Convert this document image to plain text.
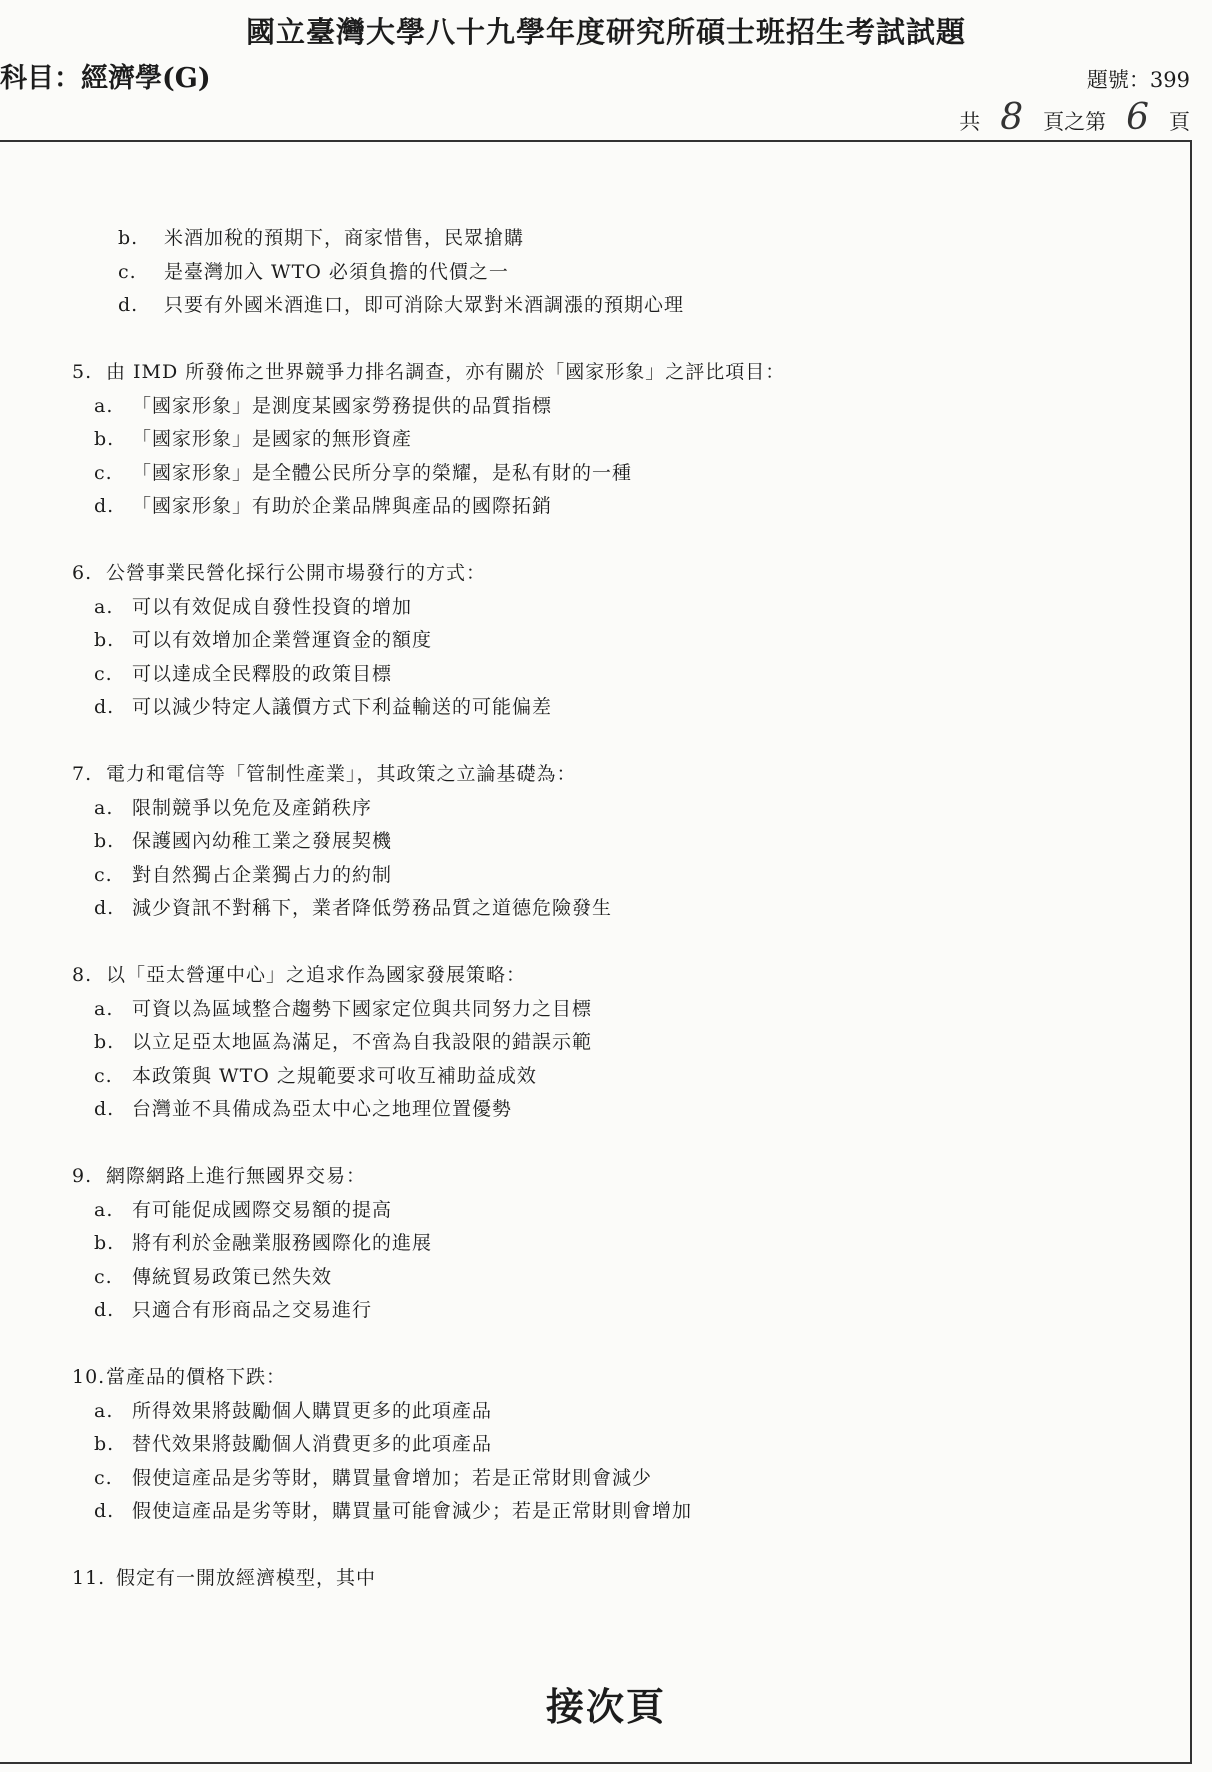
國立臺灣大學八十九學年度研究所碩士班招生考試試題
科目：經濟學(G)	題號：399
共 8 頁之第 6 頁
b.	米酒加稅的預期下，商家惜售，民眾搶購
c.	是臺灣加入 WTO 必須負擔的代價之一
d.	只要有外國米酒進口，即可消除大眾對米酒調漲的預期心理
5. 由 IMD 所發佈之世界競爭力排名調查，亦有關於「國家形象」之評比項目：
a. 「國家形象」是測度某國家勞務提供的品質指標
b. 「國家形象」是國家的無形資產
c.	「國家形象」是全體公民所分享的榮耀，是私有財的一種
d. 「國家形象」有助於企業品牌與產品的國際拓銷
6. 公營事業民營化採行公開市場發行的方式：
a. 可以有效促成自發性投資的增加
b. 可以有效增加企業營運資金的額度
c.	可以達成全民釋股的政策目標
d. 可以減少特定人議價方式下利益輸送的可能偏差
7. 電力和電信等「管制性產業」，其政策之立論基礎為：
a. 限制競爭以免危及產銷秩序
b. 保護國內幼稚工業之發展契機
c.	對自然獨占企業獨占力的約制
d. 減少資訊不對稱下，業者降低勞務品質之道德危險發生
8. 以「亞太營運中心」之追求作為國家發展策略：
a. 可資以為區域整合趨勢下國家定位與共同努力之目標
b. 以立足亞太地區為滿足，不啻為自我設限的錯誤示範
c.	本政策與 WTO 之規範要求可收互補助益成效
d. 台灣並不具備成為亞太中心之地理位置優勢
9. 網際網路上進行無國界交易：
a. 有可能促成國際交易額的提高
b. 將有利於金融業服務國際化的進展
c.	傳統貿易政策已然失效
d. 只適合有形商品之交易進行
10. 當產品的價格下跌：
a. 所得效果將鼓勵個人購買更多的此項產品
b. 替代效果將鼓勵個人消費更多的此項產品
c.	假使這產品是劣等財，購買量會增加；若是正常財則會減少
d. 假使這產品是劣等財，購買量可能會減少；若是正常財則會增加
11. 假定有一開放經濟模型，其中
接次頁
